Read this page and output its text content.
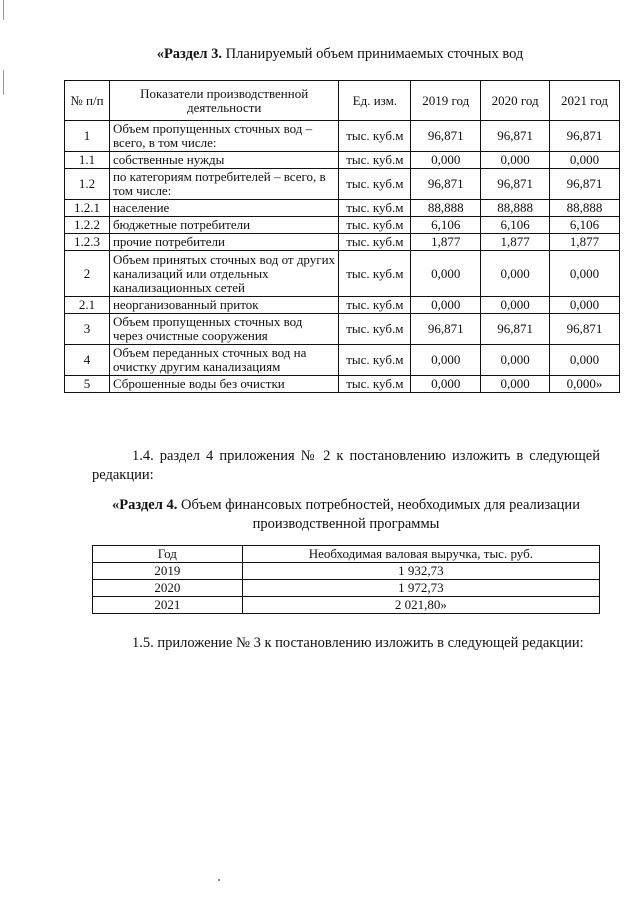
«Раздел 3. Планируемый объем принимаемых сточных вод
№ п/п	Показатели производственной деятельности	Ед. изм.	2019 год	2020 год	2021 год
1	Объем пропущенных сточных вод – всего, в том числе:	тыс. куб.м	96,871	96,871	96,871
1.1	собственные нужды	тыс. куб.м	0,000	0,000	0,000
1.2	по категориям потребителей – всего, в том числе:	тыс. куб.м	96,871	96,871	96,871
1.2.1	население	тыс. куб.м	88,888	88,888	88,888
1.2.2	бюджетные потребители	тыс. куб.м	6,106	6,106	6,106
1.2.3	прочие потребители	тыс. куб.м	1,877	1,877	1,877
2	Объем принятых сточных вод от других канализаций или отдельных канализационных сетей	тыс. куб.м	0,000	0,000	0,000
2.1	неорганизованный приток	тыс. куб.м	0,000	0,000	0,000
3	Объем пропущенных сточных вод через очистные сооружения	тыс. куб.м	96,871	96,871	96,871
4	Объем переданных сточных вод на очистку другим канализациям	тыс. куб.м	0,000	0,000	0,000
5	Сброшенные воды без очистки	тыс. куб.м	0,000	0,000	0,000»
1.4. раздел 4 приложения № 2 к постановлению изложить в следующей редакции:
«Раздел 4. Объем финансовых потребностей, необходимых для реализации производственной программы
Год	Необходимая валовая выручка, тыс. руб.
2019	1 932,73
2020	1 972,73
2021	2 021,80»
1.5. приложение № 3 к постановлению изложить в следующей редакции:
